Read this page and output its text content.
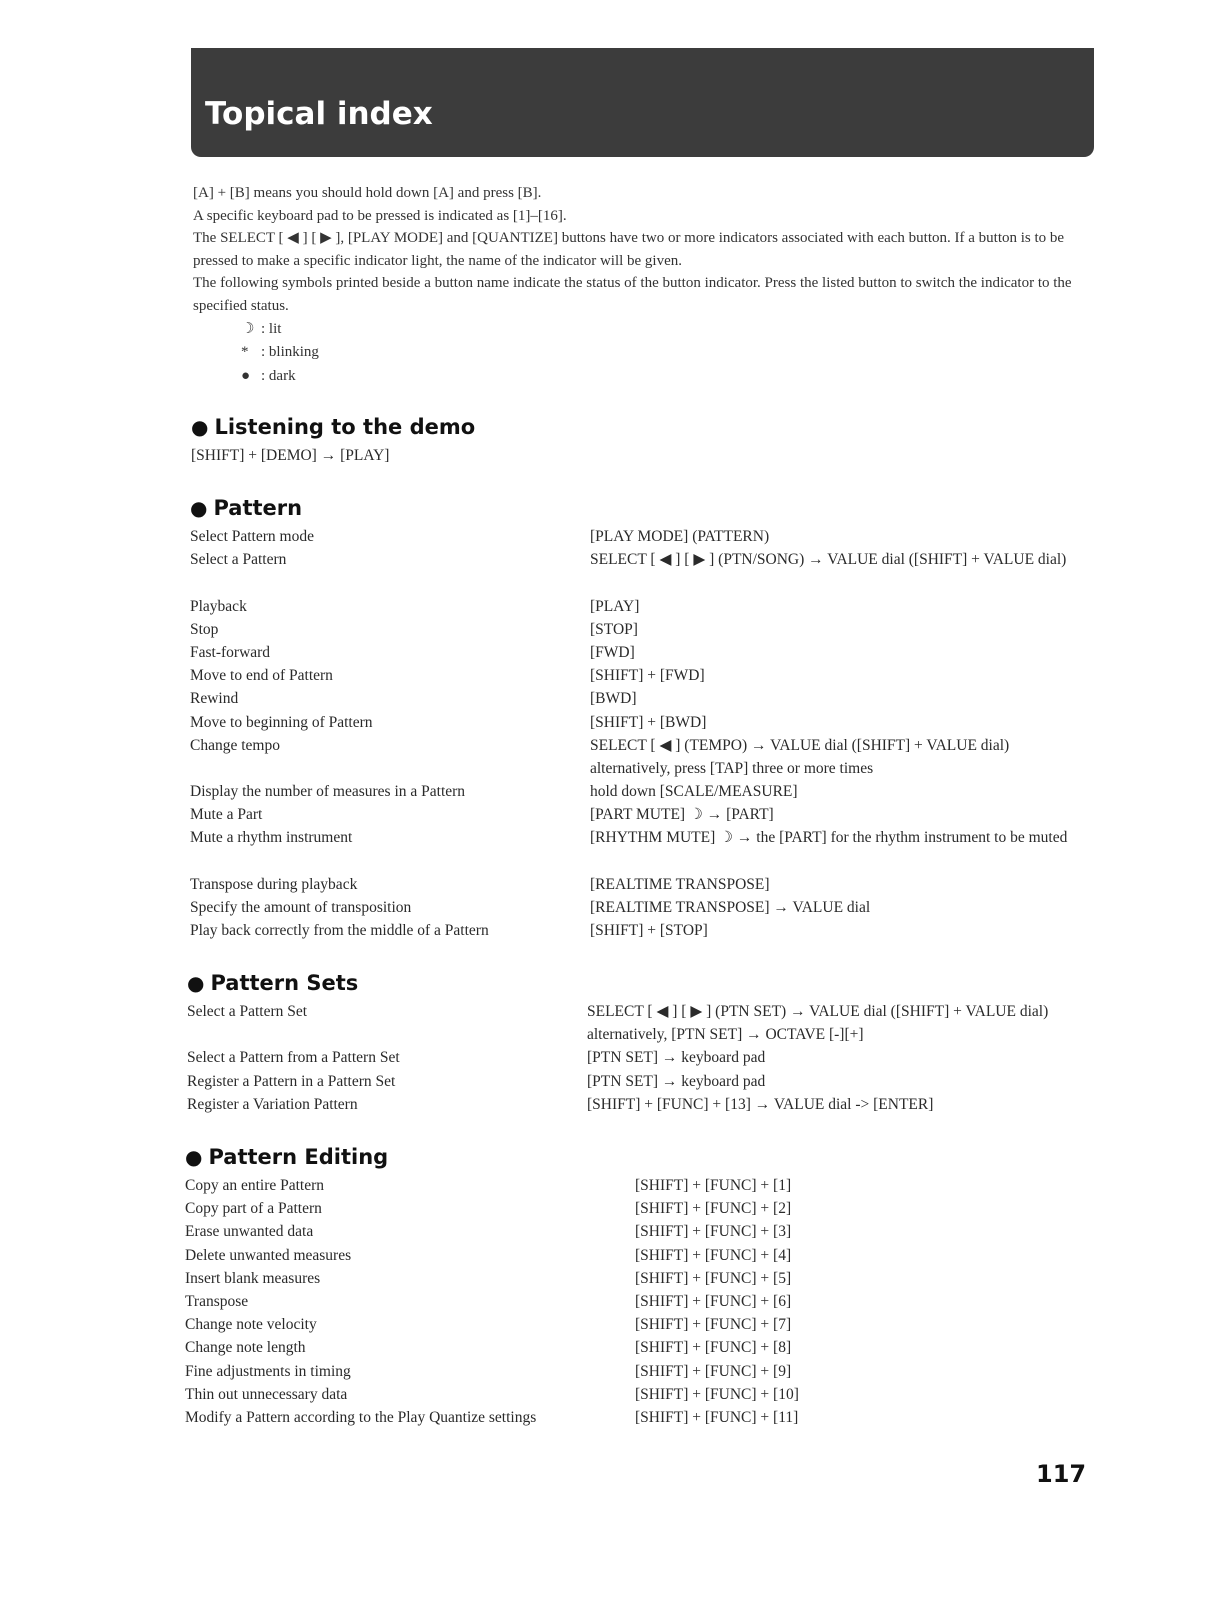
Topical index

[A] + [B] means you should hold down [A] and press [B].

A specific keyboard pad to be pressed is indicated as [1]–[16].

The SELECT [ ◀ ] [ ▶ ], [PLAY MODE] and [QUANTIZE] buttons have two or more indicators associated with each button. If a button is to be pressed to make a specific indicator light, the name of the indicator will be given.

The following symbols printed beside a button name indicate the status of the button indicator. Press the listed button to switch the indicator to the specified status.

☽ : lit
* : blinking
● : dark
● Listening to the demo
[SHIFT] + [DEMO] → [PLAY]
● Pattern
Select Pattern mode	[PLAY MODE] (PATTERN)
Select a Pattern	SELECT [ ◀ ] [ ▶ ] (PTN/SONG) → VALUE dial ([SHIFT] + VALUE dial)
Playback	[PLAY]
Stop	[STOP]
Fast-forward	[FWD]
Move to end of Pattern	[SHIFT] + [FWD]
Rewind	[BWD]
Move to beginning of Pattern	[SHIFT] + [BWD]
Change tempo	SELECT [ ◀ ] (TEMPO) → VALUE dial ([SHIFT] + VALUE dial)
alternatively, press [TAP] three or more times
Display the number of measures in a Pattern	hold down [SCALE/MEASURE]
Mute a Part	[PART MUTE] ☽ → [PART]
Mute a rhythm instrument	[RHYTHM MUTE] ☽ → the [PART] for the rhythm instrument to be muted
Transpose during playback	[REALTIME TRANSPOSE]
Specify the amount of transposition	[REALTIME TRANSPOSE] → VALUE dial
Play back correctly from the middle of a Pattern	[SHIFT] + [STOP]
● Pattern Sets
Select a Pattern Set	SELECT [ ◀ ] [ ▶ ] (PTN SET) → VALUE dial ([SHIFT] + VALUE dial)
alternatively, [PTN SET] → OCTAVE [-][+]
Select a Pattern from a Pattern Set	[PTN SET] → keyboard pad
Register a Pattern in a Pattern Set	[PTN SET] → keyboard pad
Register a Variation Pattern	[SHIFT] + [FUNC] + [13] → VALUE dial -> [ENTER]
● Pattern Editing
Copy an entire Pattern	[SHIFT] + [FUNC] + [1]
Copy part of a Pattern	[SHIFT] + [FUNC] + [2]
Erase unwanted data	[SHIFT] + [FUNC] + [3]
Delete unwanted measures	[SHIFT] + [FUNC] + [4]
Insert blank measures	[SHIFT] + [FUNC] + [5]
Transpose	[SHIFT] + [FUNC] + [6]
Change note velocity	[SHIFT] + [FUNC] + [7]
Change note length	[SHIFT] + [FUNC] + [8]
Fine adjustments in timing	[SHIFT] + [FUNC] + [9]
Thin out unnecessary data	[SHIFT] + [FUNC] + [10]
Modify a Pattern according to the Play Quantize settings	[SHIFT] + [FUNC] + [11]
117
